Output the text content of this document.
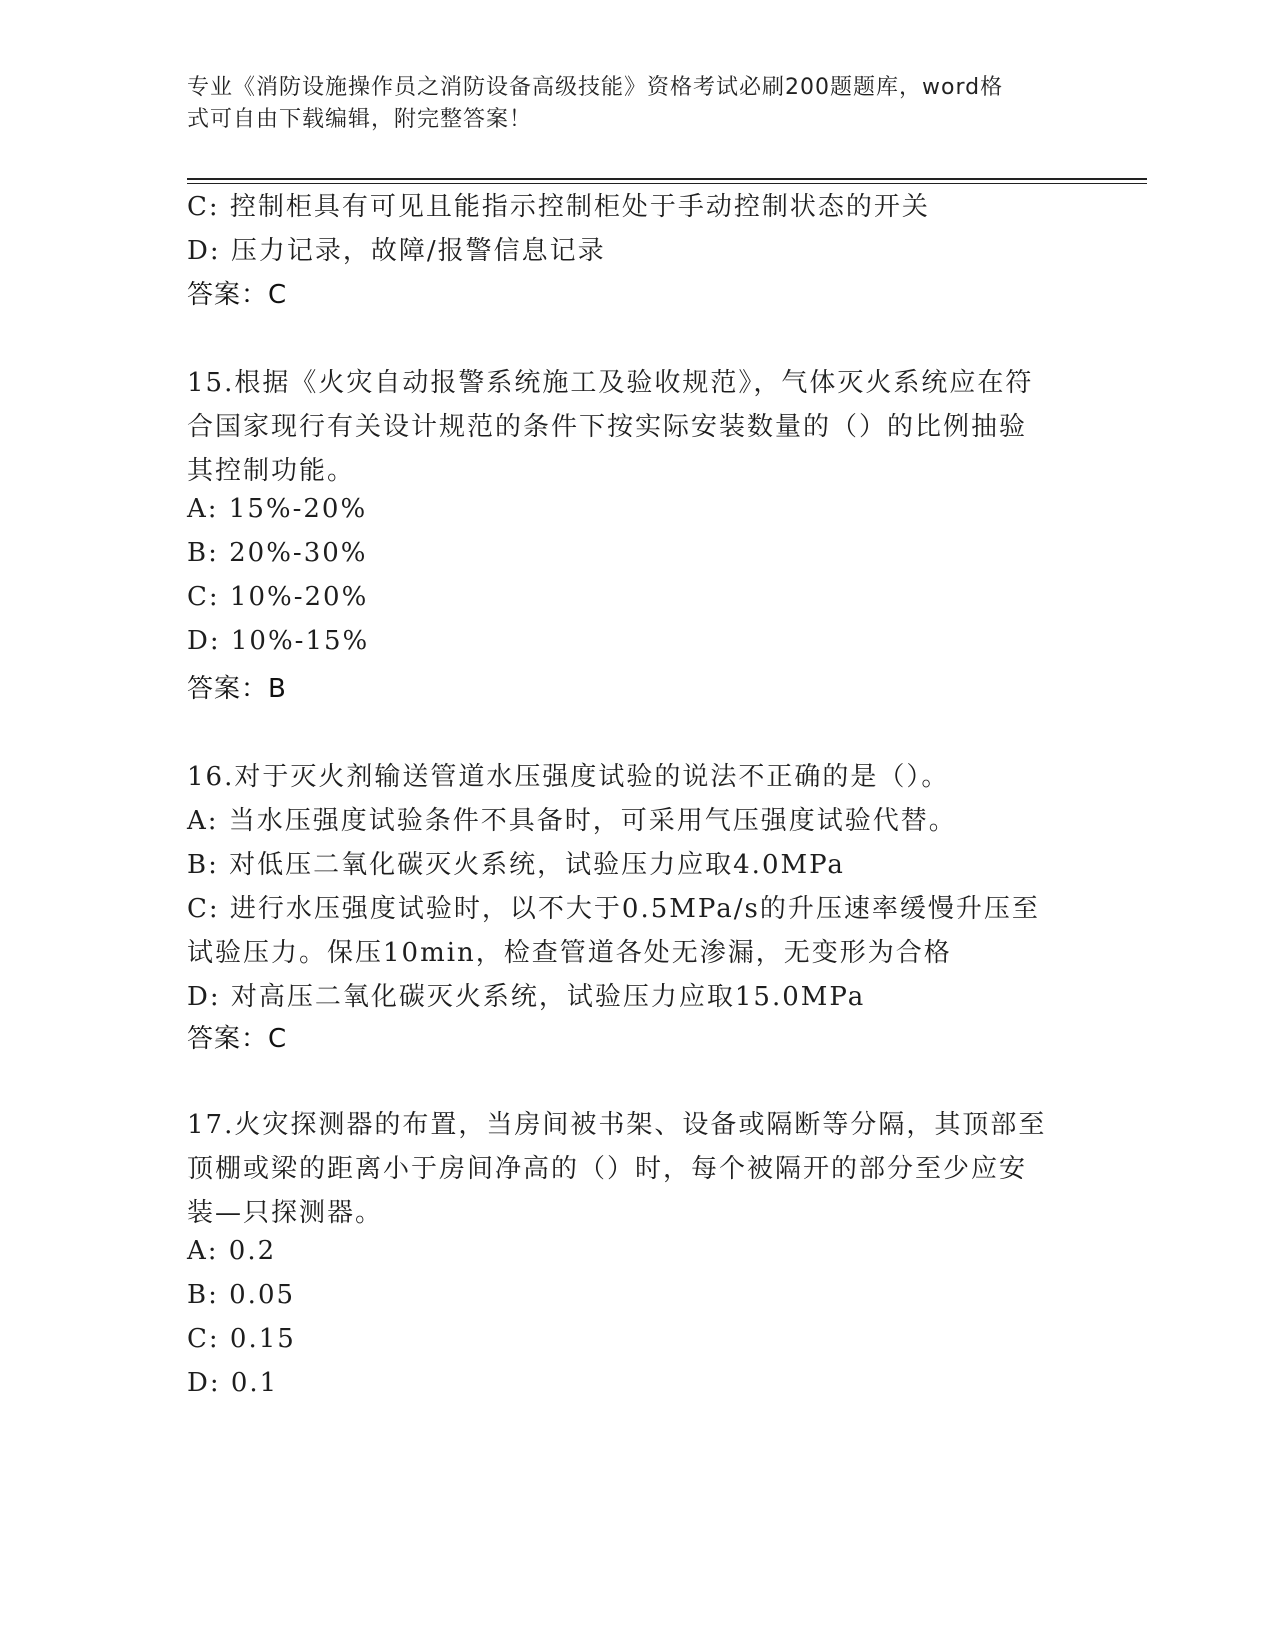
专业《消防设施操作员之消防设备高级技能》资格考试必刷200题题库，word格
式可自由下载编辑，附完整答案！
C: 控制柜具有可见且能指示控制柜处于手动控制状态的开关
D: 压力记录，故障/报警信息记录
答案：C
15.根据《火灾自动报警系统施工及验收规范》，气体灭火系统应在符
合国家现行有关设计规范的条件下按实际安装数量的（）的比例抽验
其控制功能。
A: 15%-20%
B: 20%-30%
C: 10%-20%
D: 10%-15%
答案：B
16.对于灭火剂输送管道水压强度试验的说法不正确的是（）。
A: 当水压强度试验条件不具备时，可采用气压强度试验代替。
B: 对低压二氧化碳灭火系统，试验压力应取4.0MPa
C: 进行水压强度试验时，以不大于0.5MPa/s的升压速率缓慢升压至
试验压力。保压10min，检查管道各处无渗漏，无变形为合格
D: 对高压二氧化碳灭火系统，试验压力应取15.0MPa
答案：C
17.火灾探测器的布置，当房间被书架、设备或隔断等分隔，其顶部至
顶棚或梁的距离小于房间净高的（）时，每个被隔开的部分至少应安
装—只探测器。
A: 0.2
B: 0.05
C: 0.15
D: 0.1
